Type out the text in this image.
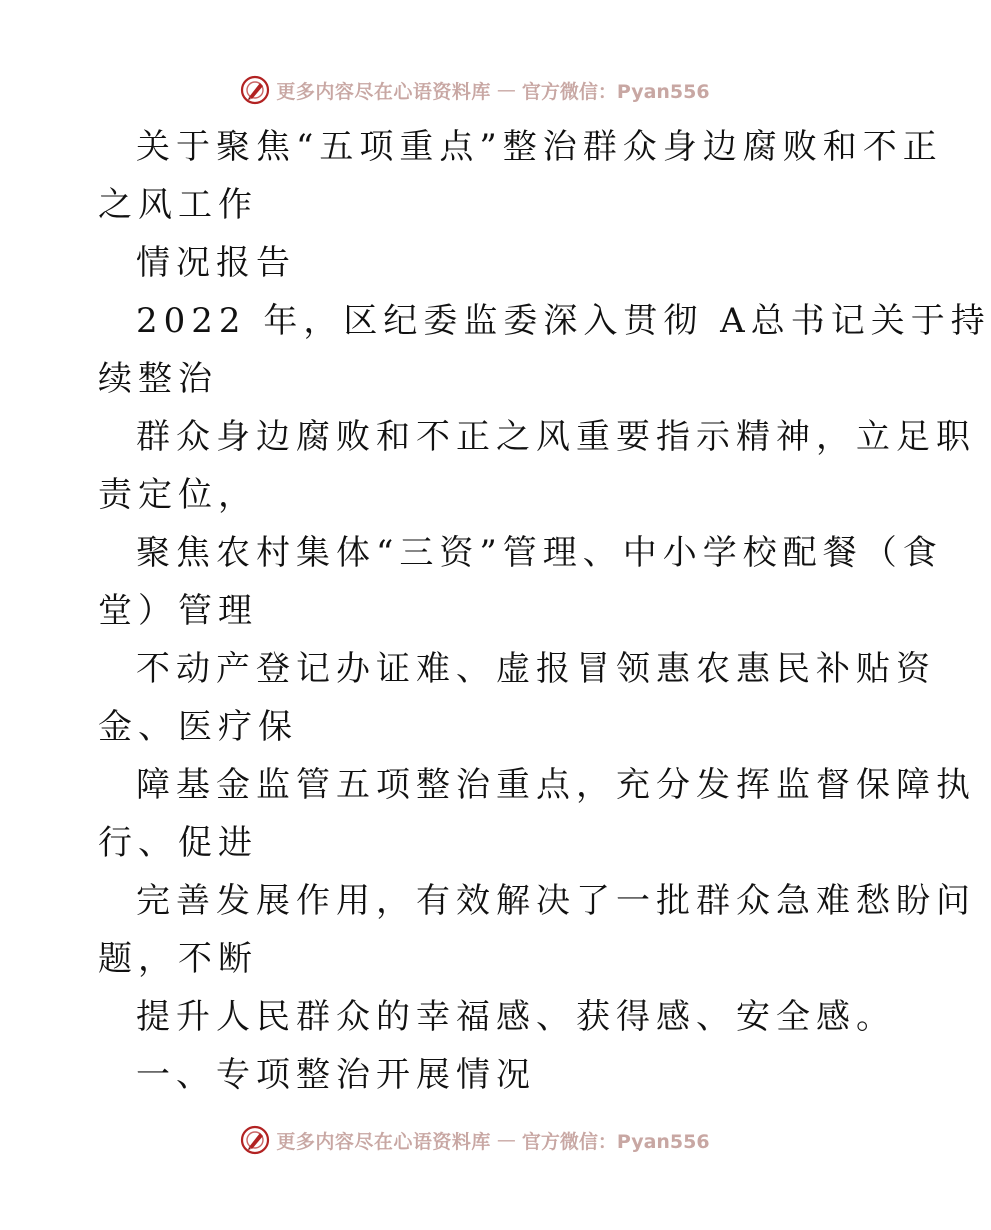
更多内容尽在心语资料库 — 官方微信：Pyan556
关于聚焦“五项重点”整治群众身边腐败和不正
之风工作
情况报告
2022 年，区纪委监委深入贯彻 A总书记关于持
续整治
群众身边腐败和不正之风重要指示精神，立足职
责定位，
聚焦农村集体“三资”管理、中小学校配餐（食
堂）管理
不动产登记办证难、虚报冒领惠农惠民补贴资
金、医疗保
障基金监管五项整治重点，充分发挥监督保障执
行、促进
完善发展作用，有效解决了一批群众急难愁盼问
题，不断
提升人民群众的幸福感、获得感、安全感。
一、专项整治开展情况
更多内容尽在心语资料库 — 官方微信：Pyan556
